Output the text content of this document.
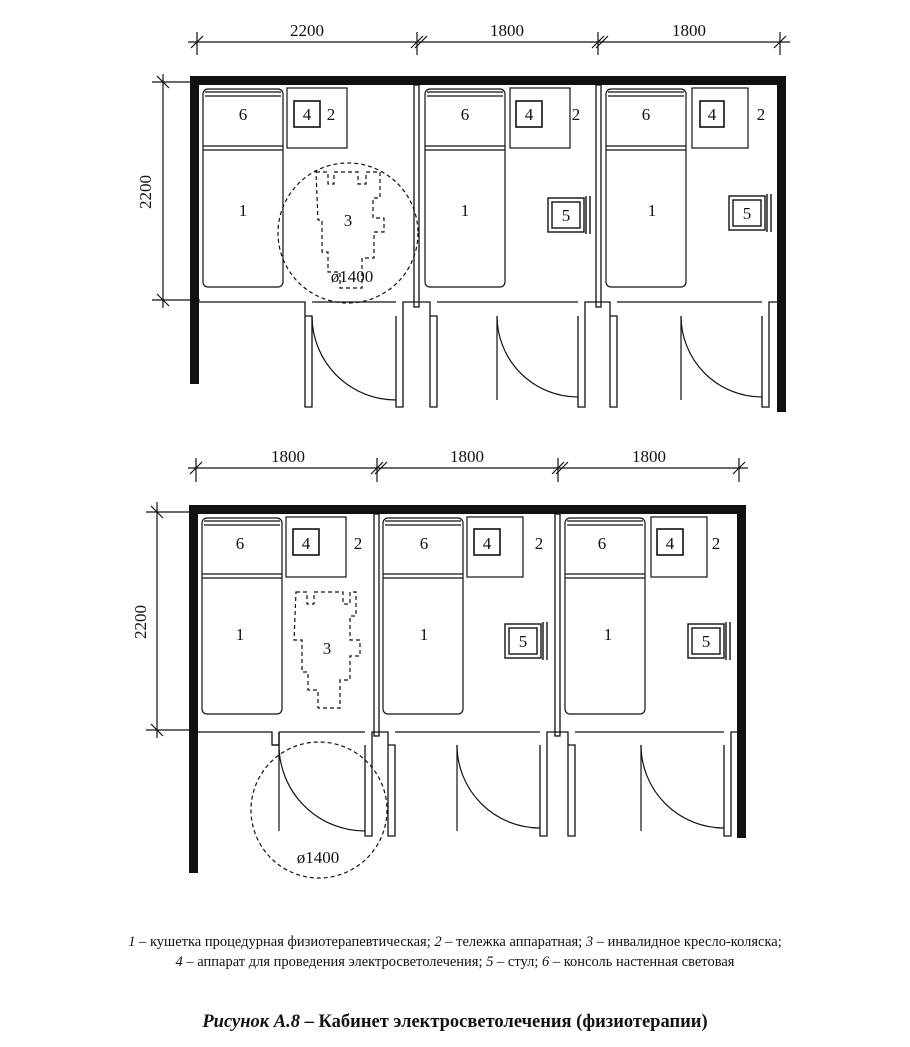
2200	1800	1800
2200
6	4 2
1
3
ø1400
6	4 2
1	5
6	4 2
1	5
1800	1800	1800
2200
6	4	2
1
3
ø1400
6	4	2
1	5
6	4 2
1	5
1 – кушетка процедурная физиотерапевтическая; 2 – тележка аппаратная; 3 – инвалидное кресло-коляска;
4 – аппарат для проведения электросветолечения; 5 – стул; 6 – консоль настенная световая
Рисунок А.8 – Кабинет электросветолечения (физиотерапии)
